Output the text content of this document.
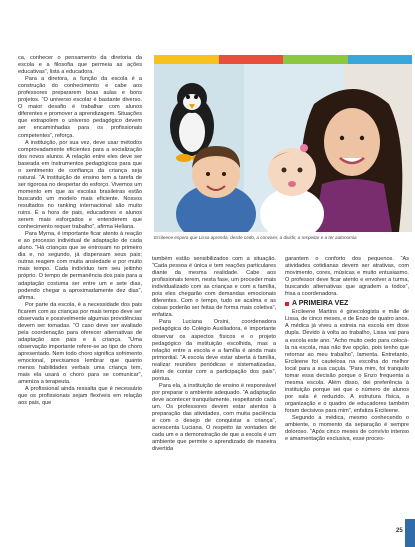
ca, conhecer o pensamento da diretoria da escola e a filosofia que permeia as ações educativas”, lista a educadora.

Para a diretora, a função da escola é a construção do conhecimento e cabe aos professores prepararem boas aulas e bons projetos. “O universo escolar é bastante diverso. O maior desafio é trabalhar com alunos diferentes e promover a aprendizagem. Situações que extrapolem o universo pedagógico devem ser encaminhadas para os profissionais competentes”, reforça.

A instituição, por sua vez, deve usar métodos comprovadamente eficientes para a socialização dos novos alunos. A relação entre eles deve ser baseada em instrumentos pedagógicos para que o sentimento de confiança da criança seja natural. “A instituição de ensino tem a tarefa de ser rigorosa no despertar do esforço. Vivemos um momento em que as escolas brasileiras estão buscando um modelo mais eficiente. Nossos resultados no ranking internacional são muito ruins. É a hora de pais, educadores e alunos serem mais esforçados e entenderem que conhecimento requer trabalho”, afirma Heliana.

Para Myrna, é importante ficar atento à reação e ao processo individual de adaptação de cada aluno. “Há crianças que se entrosam no primeiro dia e, no segundo, já dispensam seus pais; outras reagem com muita ansiedade e por muito mais tempo. Cada indivíduo tem seu jeitinho próprio. O tempo de permanência dos pais para a adaptação costuma ser entre um e sete dias, podendo chegar a aproximadamente dez dias”, afirma.

Por parte da escola, é a necessidade dos pais ficarem com as crianças por mais tempo deve ser observada e possivelmente algumas providências devem ser tomadas. “O caso deve ser avaliado pela coordenação para oferecer alternativas de adaptação aos pais e à criança. “Uma observação importante refere-se ao tipo de choro apresentado. Nem todo choro significa sofrimento emocional, precisamos lembrar que quanto menos habilidades verbais uma criança tem, mais ela usará o choro para se comunicar”, ameniza a terapeuta.

A profissional ainda ressalta que é necessário que os profissionais sejam flexíveis em relação aos pais, que

Ercileene espera que Lissa aprenda, desde cedo, a conviver, a dividir, a respeitar e a ter autonomia

também estão sensibilizados com a situação. “Cada pessoa é única e tem reações particulares diante da mesma realidade. Cabe aos profissionais terem, nesta fase, um proceder mais individualizado com as crianças e com a família, pois eles chegarão com demandas emocionais diferentes. Com o tempo, tudo se acalma e as coisas poderão ser feitas de forma mais coletiva”, enfatiza.

Para Luciana Orsini, coordenadora pedagógica do Colégio Auxiliadora, é importante observar os aspectos físicos e o projeto pedagógico da instituição escolhida, mas a relação entre a escola e a família é ainda mais primordial. “A escola deve estar aberta à família, realizar reuniões periódicas e sistematizadas, além de contar com a participação dos pais”, pontua.

Para ela, a instituição de ensino é responsável por preparar o ambiente adequado. “A adaptação deve acontecer tranquilamente, respeitando cada um. Os professores devem estar atentos à preparação das atividades, com muita paciência e com o desejo de conquistar a criança”, acrescenta Luciana. O respeito às vontades de cada um e a demonstração de que a escola é um ambiente que permite o aprendizado de maneira divertida

garantem o conforto dos pequenos. “As atividades cotidianas devem ser atrativas, com movimento, cores, músicas e muito entusiasmo. O professor deve ficar atento e envolver a turma, buscando alternativas que agradem a todos”, frisa a coordenadora.

A PRIMEIRA VEZ

Ercileene Martins é ginecologista e mãe de Lissa, de cinco meses, e de Enzo de quatro anos. A médica já viveu a estreia na escola em dose dupla. Devido à volta ao trabalho, Lissa vai para a escola este ano. “Acho muito cedo para colocá-la na escola, mas não tive opção, pois tenho que retornar ao meu trabalho”, lamenta. Entretanto, Ercileene foi cautelosa na escolha do melhor local para a sua caçula. “Para mim, foi tranquilo tomar essa decisão porque o Enzo frequenta a mesma escola. Além disso, dei preferência à instituição porque sei que o número de alunos por sala é reduzido. A estrutura física, a organização e o quadro de educadores também foram decisivos para mim”, enfatiza Ercileene.

Segundo a médica, mesmo conhecendo o ambiente, o momento da separação é sempre doloroso. “Após cinco meses de convívio intenso e amamentação exclusiva, esse proces-

25
